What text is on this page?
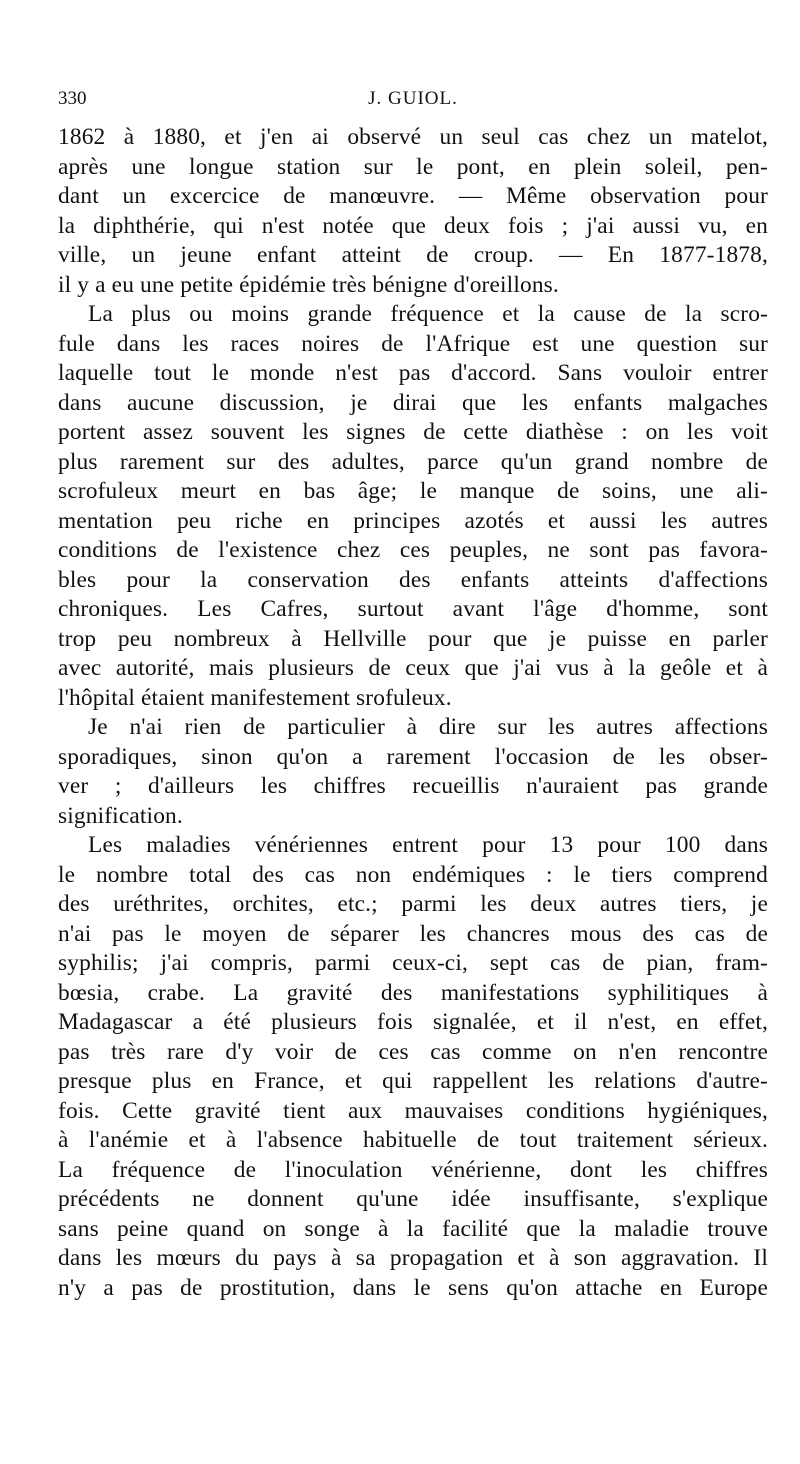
330	J. GUIOL.
1862 à 1880, et j'en ai observé un seul cas chez un matelot,
après une longue station sur le pont, en plein soleil, pen-
dant un excercice de manœuvre. — Même observation pour
la diphthérie, qui n'est notée que deux fois ; j'ai aussi vu, en
ville, un jeune enfant atteint de croup. — En 1877-1878,
il y a eu une petite épidémie très bénigne d'oreillons.
La plus ou moins grande fréquence et la cause de la scro-
fule dans les races noires de l'Afrique est une question sur
laquelle tout le monde n'est pas d'accord. Sans vouloir entrer
dans aucune discussion, je dirai que les enfants malgaches
portent assez souvent les signes de cette diathèse : on les voit
plus rarement sur des adultes, parce qu'un grand nombre de
scrofuleux meurt en bas âge; le manque de soins, une ali-
mentation peu riche en principes azotés et aussi les autres
conditions de l'existence chez ces peuples, ne sont pas favora-
bles pour la conservation des enfants atteints d'affections
chroniques. Les Cafres, surtout avant l'âge d'homme, sont
trop peu nombreux à Hellville pour que je puisse en parler
avec autorité, mais plusieurs de ceux que j'ai vus à la geôle et à
l'hôpital étaient manifestement srofuleux.
Je n'ai rien de particulier à dire sur les autres affections
sporadiques, sinon qu'on a rarement l'occasion de les obser-
ver ; d'ailleurs les chiffres recueillis n'auraient pas grande
signification.
Les maladies vénériennes entrent pour 13 pour 100 dans
le nombre total des cas non endémiques : le tiers comprend
des uréthrites, orchites, etc.; parmi les deux autres tiers, je
n'ai pas le moyen de séparer les chancres mous des cas de
syphilis; j'ai compris, parmi ceux-ci, sept cas de pian, fram-
bœsia, crabe. La gravité des manifestations syphilitiques à
Madagascar a été plusieurs fois signalée, et il n'est, en effet,
pas très rare d'y voir de ces cas comme on n'en rencontre
presque plus en France, et qui rappellent les relations d'autre-
fois. Cette gravité tient aux mauvaises conditions hygiéniques,
à l'anémie et à l'absence habituelle de tout traitement sérieux.
La fréquence de l'inoculation vénérienne, dont les chiffres
précédents ne donnent qu'une idée insuffisante, s'explique
sans peine quand on songe à la facilité que la maladie trouve
dans les mœurs du pays à sa propagation et à son aggravation. Il
n'y a pas de prostitution, dans le sens qu'on attache en Europe
